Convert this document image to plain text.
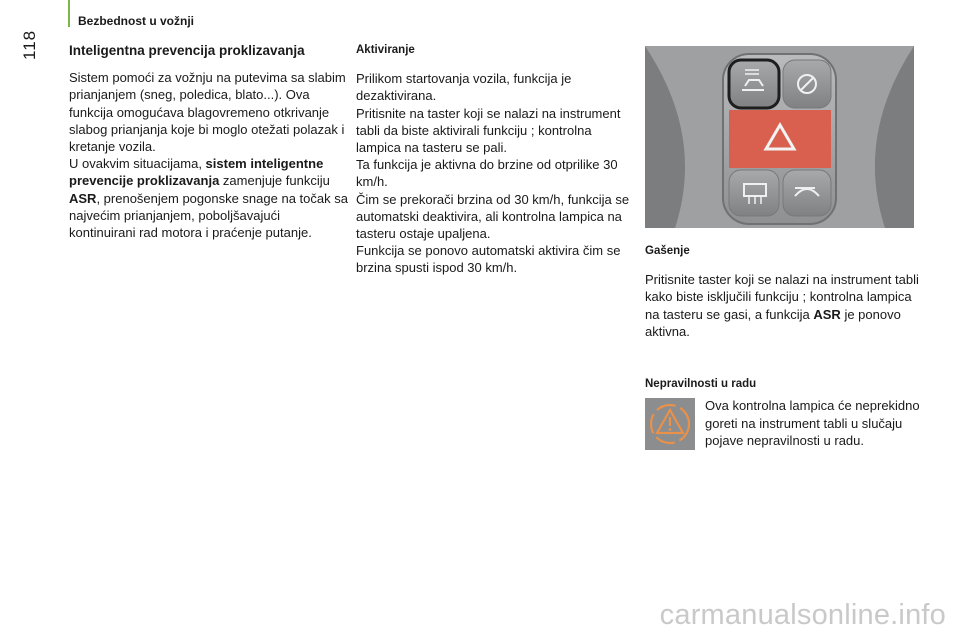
Bezbednost u vožnji
118 Inteligentna prevencija proklizavanja

Sistem pomoći za vožnju na putevima sa slabim prianjanjem (sneg, poledica, blato...). Ova funkcija omogućava blagovremeno otkrivanje slabog prianjanja koje bi moglo otežati polazak i kretanje vozila.

U ovakvim situacijama, sistem inteligentne prevencije proklizavanja zamenjuje funkciju ASR, prenošenjem pogonske snage na točak sa najvećim prianjanjem, poboljšavajući kontinuirani rad motora i praćenje putanje.

Aktiviranje

Prilikom startovanja vozila, funkcija je dezaktivirana.
Pritisnite na taster koji se nalazi na instrument tabli da biste aktivirali funkciju ; kontrolna lampica na tasteru se pali.
Ta funkcija je aktivna do brzine od otprilike 30 km/h.
Čim se prekorači brzina od 30 km/h, funkcija se automatski deaktivira, ali kontrolna lampica na tasteru ostaje upaljena.
Funkcija se ponovo automatski aktivira čim se brzina spusti ispod 30 km/h.

Gašenje

Pritisnite taster koji se nalazi na instrument tabli kako biste isključili funkciju ; kontrolna lampica na tasteru se gasi, a funkcija ASR je ponovo aktivna.

Nepravilnosti u radu
Ova kontrolna lampica će neprekidno goreti na instrument tabli u slučaju pojave nepravilnosti u radu.
carmanualsonline.info
